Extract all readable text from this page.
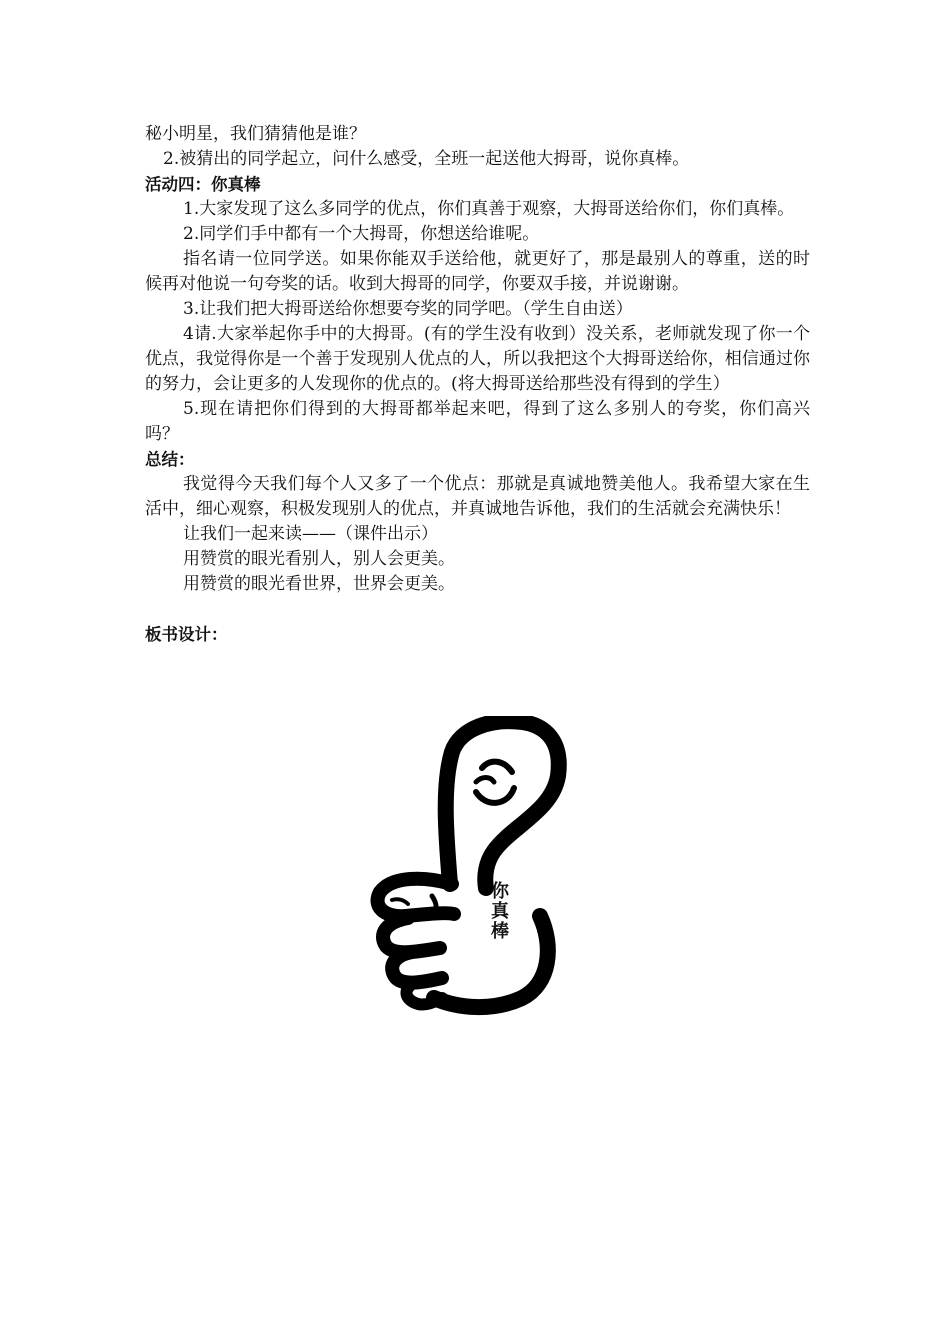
秘小明星，我们猜猜他是谁？

2.被猜出的同学起立，问什么感受，全班一起送他大拇哥，说你真棒。

活动四：你真棒

1.大家发现了这么多同学的优点，你们真善于观察，大拇哥送给你们，你们真棒。

2.同学们手中都有一个大拇哥，你想送给谁呢。

指名请一位同学送。如果你能双手送给他，就更好了，那是最别人的尊重，送的时候再对他说一句夸奖的话。收到大拇哥的同学，你要双手接，并说谢谢。

3.让我们把大拇哥送给你想要夸奖的同学吧。（学生自由送）

4请.大家举起你手中的大拇哥。(有的学生没有收到）没关系，老师就发现了你一个优点，我觉得你是一个善于发现别人优点的人，所以我把这个大拇哥送给你，相信通过你的努力，会让更多的人发现你的优点的。(将大拇哥送给那些没有得到的学生）

5.现在请把你们得到的大拇哥都举起来吧，得到了这么多别人的夸奖，你们高兴吗？

总结：

我觉得今天我们每个人又多了一个优点：那就是真诚地赞美他人。我希望大家在生活中，细心观察，积极发现别人的优点，并真诚地告诉他，我们的生活就会充满快乐！

让我们一起来读——（课件出示）

用赞赏的眼光看别人，别人会更美。

用赞赏的眼光看世界，世界会更美。

板书设计：
你
真
棒
